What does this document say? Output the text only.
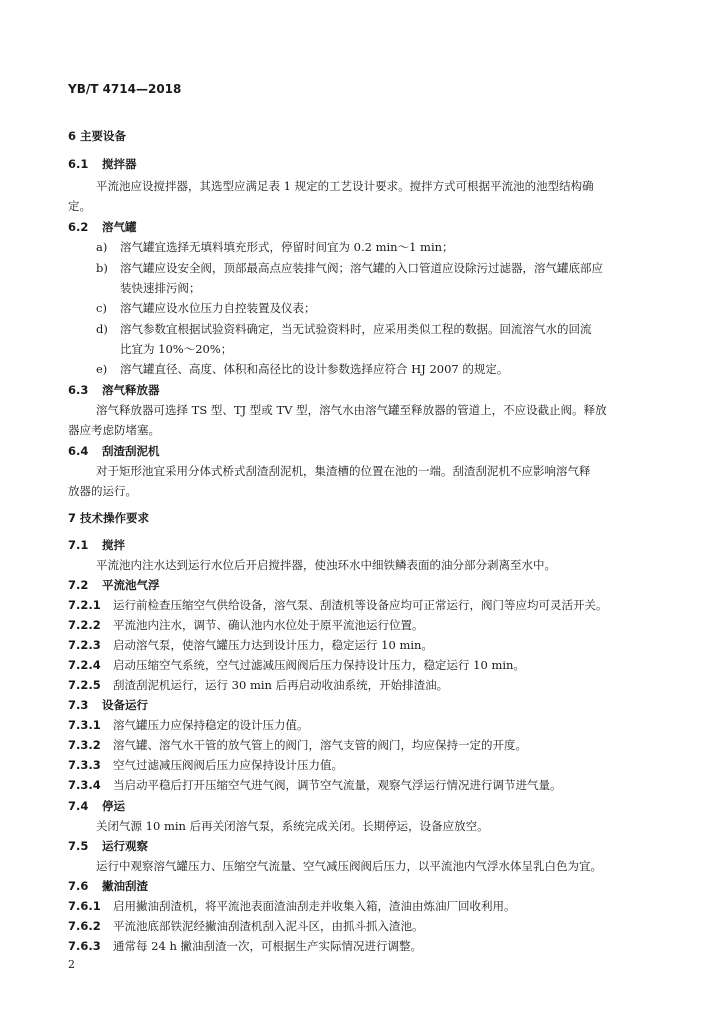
YB/T 4714—2018
6 主要设备
6.1 搅拌器
平流池应设搅拌器，其选型应满足表 1 规定的工艺设计要求。搅拌方式可根据平流池的池型结构确
定。
6.2 溶气罐
a) 溶气罐宜选择无填料填充形式，停留时间宜为 0.2 min～1 min；
b) 溶气罐应设安全阀，顶部最高点应装排气阀；溶气罐的入口管道应设除污过滤器，溶气罐底部应
装快速排污阀；
c) 溶气罐应设水位压力自控装置及仪表；
d) 溶气参数宜根据试验资料确定，当无试验资料时，应采用类似工程的数据。回流溶气水的回流
比宜为 10%～20%；
e) 溶气罐直径、高度、体积和高径比的设计参数选择应符合 HJ 2007 的规定。
6.3 溶气释放器
溶气释放器可选择 TS 型、TJ 型或 TV 型，溶气水由溶气罐至释放器的管道上，不应设截止阀。释放
器应考虑防堵塞。
6.4 刮渣刮泥机
对于矩形池宜采用分体式桥式刮渣刮泥机，集渣槽的位置在池的一端。刮渣刮泥机不应影响溶气释
放器的运行。
7 技术操作要求
7.1 搅拌
平流池内注水达到运行水位后开启搅拌器，使浊环水中细铁鳞表面的油分部分剥离至水中。
7.2 平流池气浮
7.2.1 运行前检查压缩空气供给设备，溶气泵、刮渣机等设备应均可正常运行，阀门等应均可灵活开关。
7.2.2 平流池内注水，调节、确认池内水位处于原平流池运行位置。
7.2.3 启动溶气泵，使溶气罐压力达到设计压力，稳定运行 10 min。
7.2.4 启动压缩空气系统，空气过滤减压阀阀后压力保持设计压力，稳定运行 10 min。
7.2.5 刮渣刮泥机运行，运行 30 min 后再启动收油系统，开始排渣油。
7.3 设备运行
7.3.1 溶气罐压力应保持稳定的设计压力值。
7.3.2 溶气罐、溶气水干管的放气管上的阀门，溶气支管的阀门，均应保持一定的开度。
7.3.3 空气过滤减压阀阀后压力应保持设计压力值。
7.3.4 当启动平稳后打开压缩空气进气阀，调节空气流量，观察气浮运行情况进行调节进气量。
7.4 停运
关闭气源 10 min 后再关闭溶气泵，系统完成关闭。长期停运，设备应放空。
7.5 运行观察
运行中观察溶气罐压力、压缩空气流量、空气减压阀阀后压力，以平流池内气浮水体呈乳白色为宜。
7.6 撇油刮渣
7.6.1 启用撇油刮渣机，将平流池表面渣油刮走并收集入箱，渣油由炼油厂回收利用。
7.6.2 平流池底部铁泥经撇油刮渣机刮入泥斗区，由抓斗抓入渣池。
7.6.3 通常每 24 h 撇油刮渣一次，可根据生产实际情况进行调整。
2
